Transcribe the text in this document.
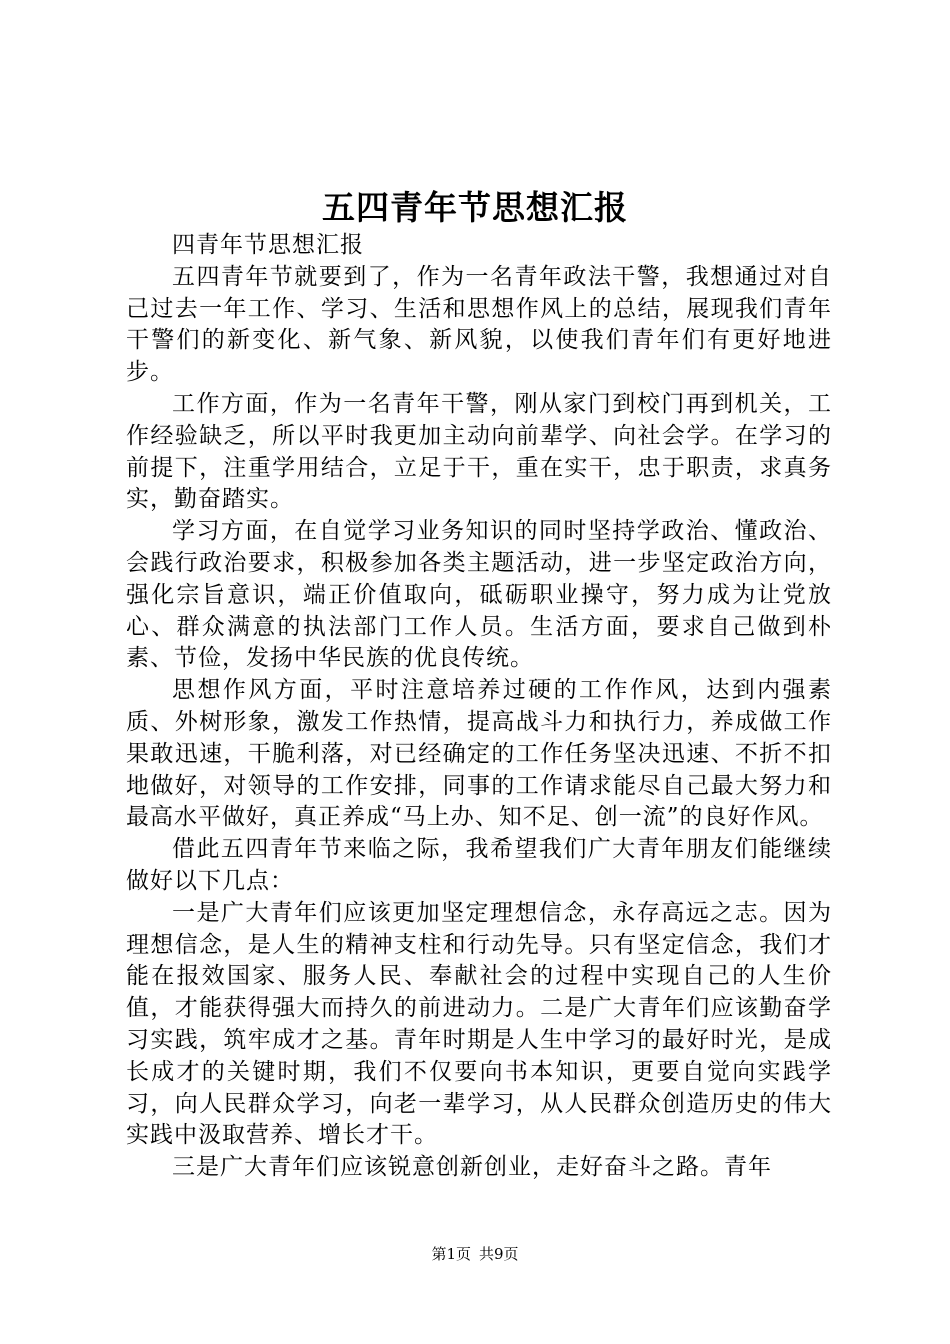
五四青年节思想汇报

四青年节思想汇报

五四青年节就要到了，作为一名青年政法干警，我想通过对自己过去一年工作、学习、生活和思想作风上的总结，展现我们青年干警们的新变化、新气象、新风貌，以使我们青年们有更好地进步。

工作方面，作为一名青年干警，刚从家门到校门再到机关，工作经验缺乏，所以平时我更加主动向前辈学、向社会学。在学习的前提下，注重学用结合，立足于干，重在实干，忠于职责，求真务实，勤奋踏实。

学习方面，在自觉学习业务知识的同时坚持学政治、懂政治、会践行政治要求，积极参加各类主题活动，进一步坚定政治方向，强化宗旨意识，端正价值取向，砥砺职业操守，努力成为让党放心、群众满意的执法部门工作人员。生活方面，要求自己做到朴素、节俭，发扬中华民族的优良传统。

思想作风方面，平时注意培养过硬的工作作风，达到内强素质、外树形象，激发工作热情，提高战斗力和执行力，养成做工作果敢迅速，干脆利落，对已经确定的工作任务坚决迅速、不折不扣地做好，对领导的工作安排，同事的工作请求能尽自己最大努力和最高水平做好，真正养成“马上办、知不足、创一流”的良好作风。

借此五四青年节来临之际，我希望我们广大青年朋友们能继续做好以下几点：

一是广大青年们应该更加坚定理想信念，永存高远之志。因为理想信念，是人生的精神支柱和行动先导。只有坚定信念，我们才能在报效国家、服务人民、奉献社会的过程中实现自己的人生价值，才能获得强大而持久的前进动力。二是广大青年们应该勤奋学习实践，筑牢成才之基。青年时期是人生中学习的最好时光，是成长成才的关键时期，我们不仅要向书本知识，更要自觉向实践学习，向人民群众学习，向老一辈学习，从人民群众创造历史的伟大实践中汲取营养、增长才干。

三是广大青年们应该锐意创新创业，走好奋斗之路。青年

第1页 共9页
